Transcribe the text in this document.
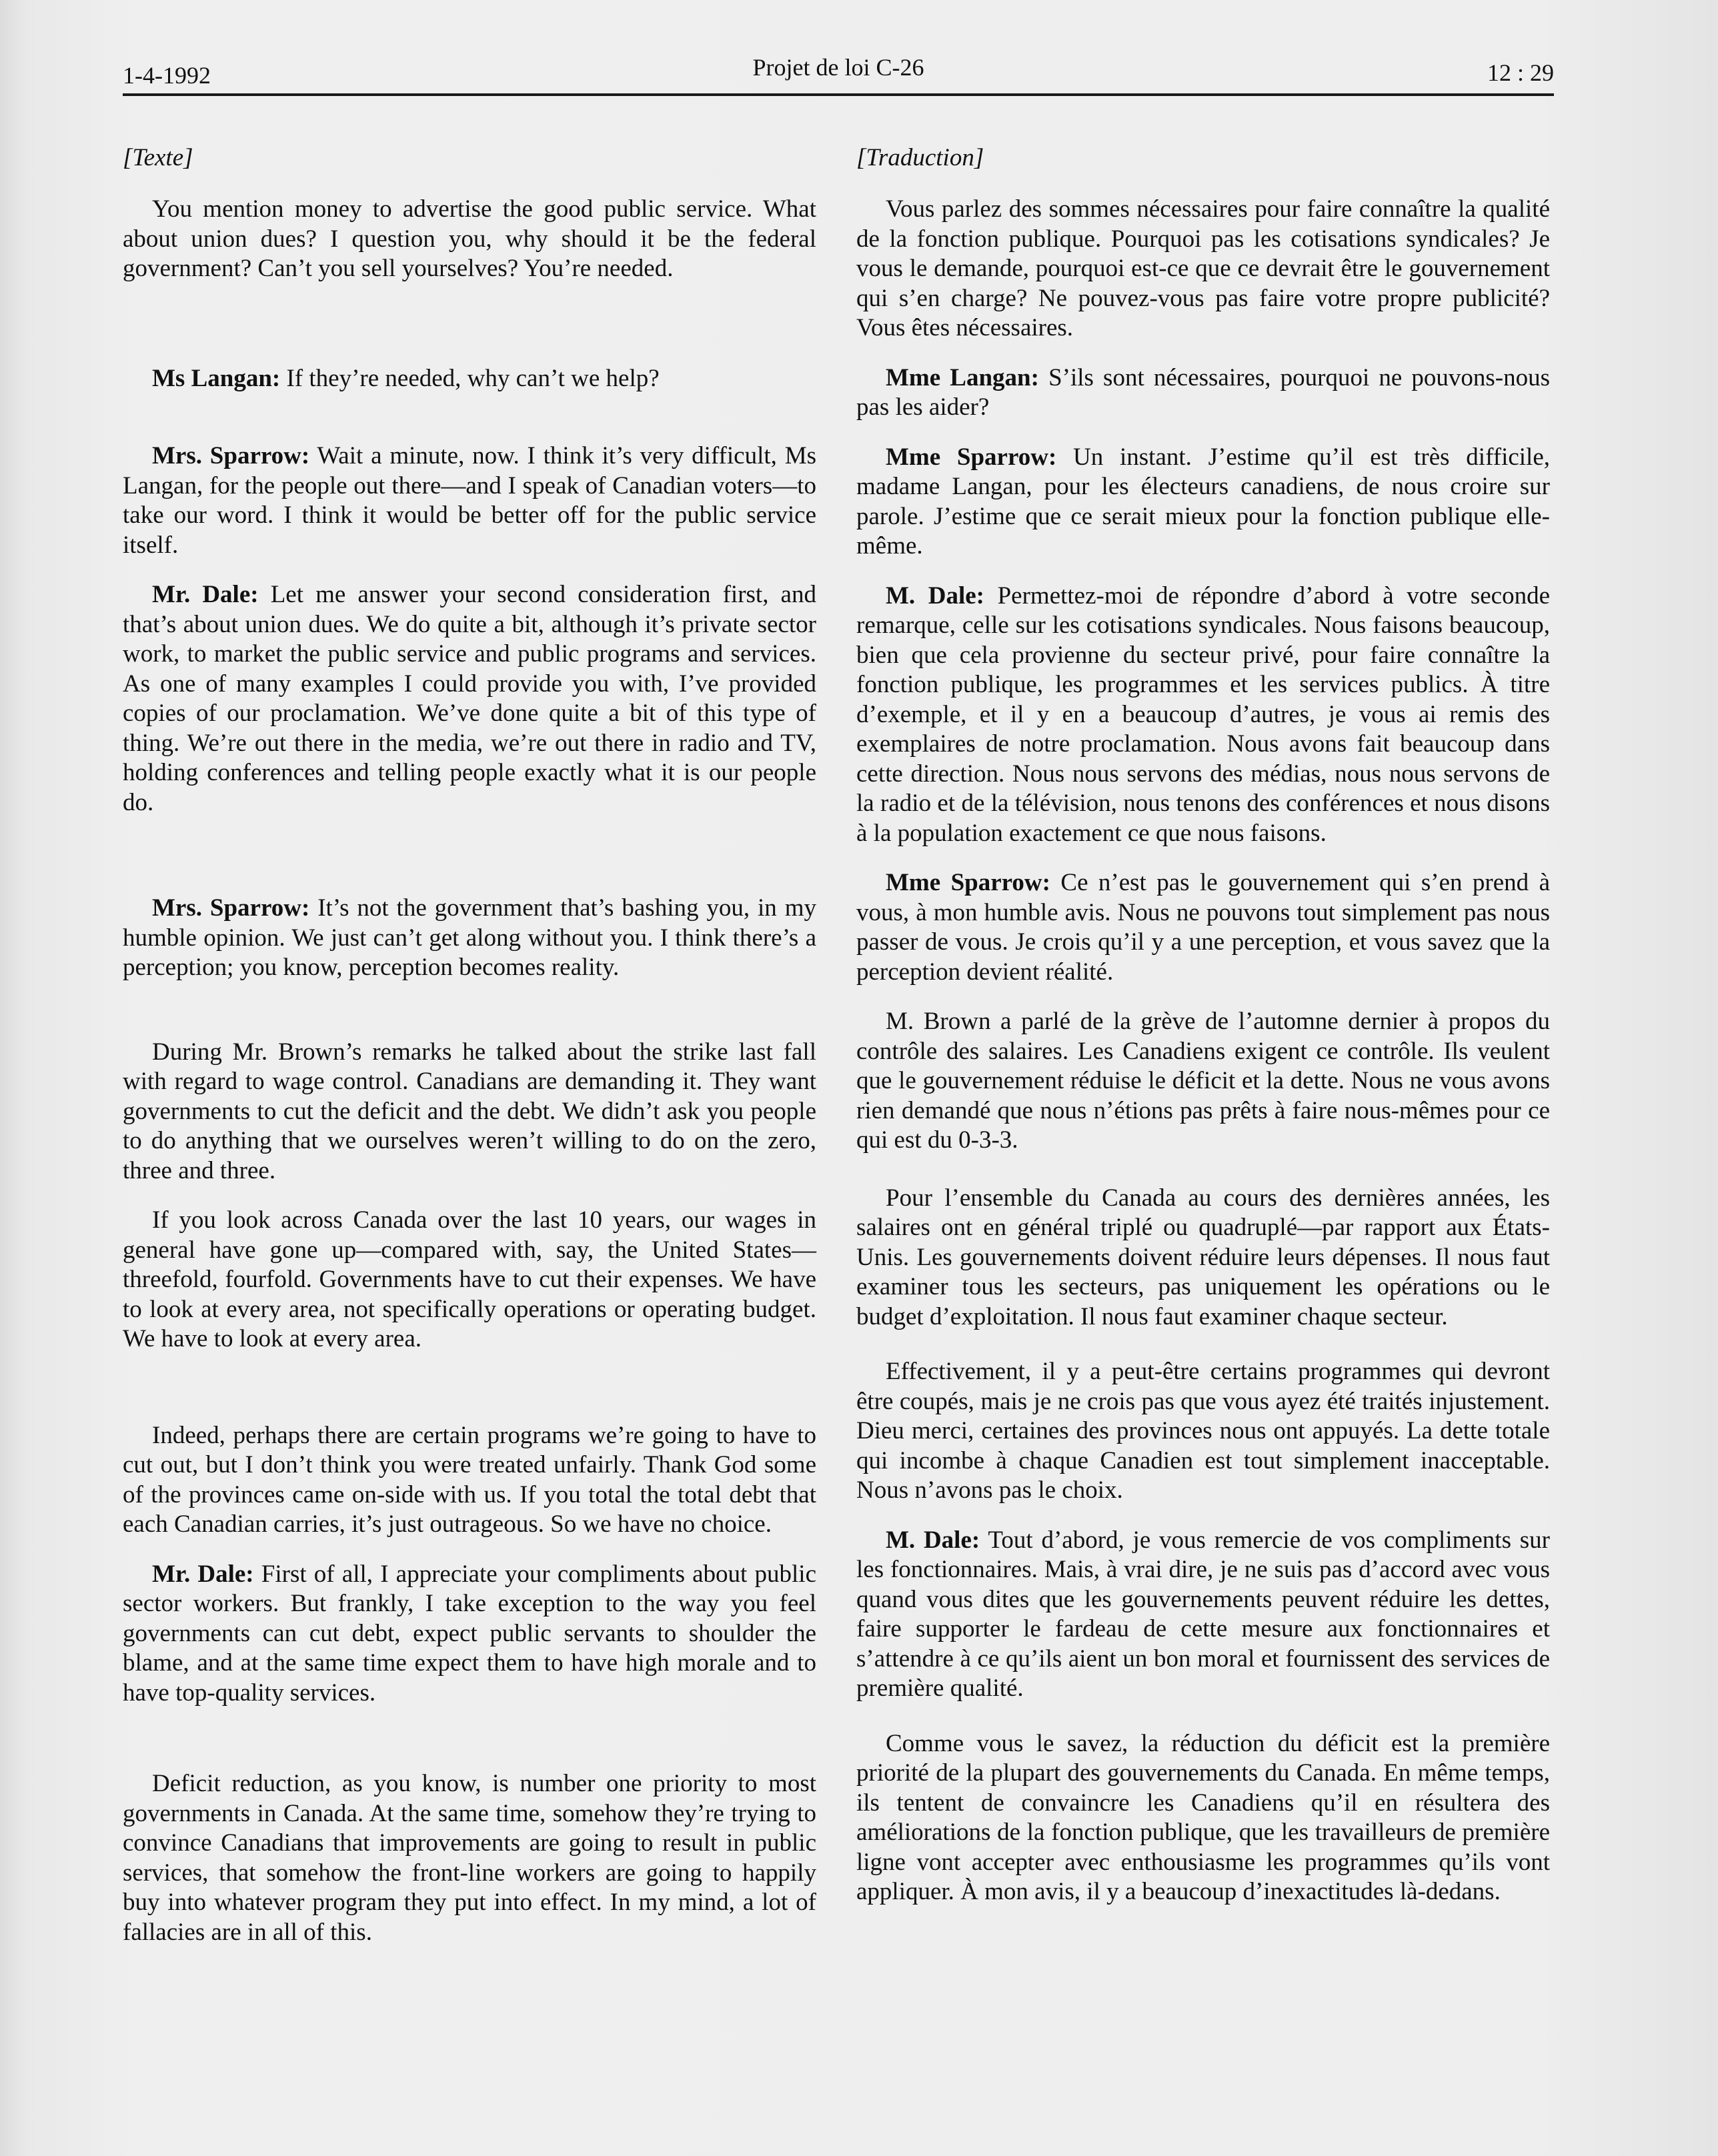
1-4-1992	Projet de loi C-26	12 : 29
[Texte]

You mention money to advertise the good public service. What about union dues? I question you, why should it be the federal government? Can’t you sell yourselves? You’re needed.

Ms Langan: If they’re needed, why can’t we help?

Mrs. Sparrow: Wait a minute, now. I think it’s very difficult, Ms Langan, for the people out there—and I speak of Canadian voters—to take our word. I think it would be better off for the public service itself.

Mr. Dale: Let me answer your second consideration first, and that’s about union dues. We do quite a bit, although it’s private sector work, to market the public service and public programs and services. As one of many examples I could provide you with, I’ve provided copies of our proclamation. We’ve done quite a bit of this type of thing. We’re out there in the media, we’re out there in radio and TV, holding conferences and telling people exactly what it is our people do.

Mrs. Sparrow: It’s not the government that’s bashing you, in my humble opinion. We just can’t get along without you. I think there’s a perception; you know, perception becomes reality.

During Mr. Brown’s remarks he talked about the strike last fall with regard to wage control. Canadians are demanding it. They want governments to cut the deficit and the debt. We didn’t ask you people to do anything that we ourselves weren’t willing to do on the zero, three and three.

If you look across Canada over the last 10 years, our wages in general have gone up—compared with, say, the United States—threefold, fourfold. Governments have to cut their expenses. We have to look at every area, not specifically operations or operating budget. We have to look at every area.

Indeed, perhaps there are certain programs we’re going to have to cut out, but I don’t think you were treated unfairly. Thank God some of the provinces came on-side with us. If you total the total debt that each Canadian carries, it’s just outrageous. So we have no choice.

Mr. Dale: First of all, I appreciate your compliments about public sector workers. But frankly, I take exception to the way you feel governments can cut debt, expect public servants to shoulder the blame, and at the same time expect them to have high morale and to have top-quality services.

Deficit reduction, as you know, is number one priority to most governments in Canada. At the same time, somehow they’re trying to convince Canadians that improvements are going to result in public services, that somehow the front-line workers are going to happily buy into whatever program they put into effect. In my mind, a lot of fallacies are in all of this.

[Traduction]

Vous parlez des sommes nécessaires pour faire connaître la qualité de la fonction publique. Pourquoi pas les cotisations syndicales? Je vous le demande, pourquoi est-ce que ce devrait être le gouvernement qui s’en charge? Ne pouvez-vous pas faire votre propre publicité? Vous êtes nécessaires.

Mme Langan: S’ils sont nécessaires, pourquoi ne pouvons-nous pas les aider?

Mme Sparrow: Un instant. J’estime qu’il est très difficile, madame Langan, pour les électeurs canadiens, de nous croire sur parole. J’estime que ce serait mieux pour la fonction publique elle-même.

M. Dale: Permettez-moi de répondre d’abord à votre seconde remarque, celle sur les cotisations syndicales. Nous faisons beaucoup, bien que cela provienne du secteur privé, pour faire connaître la fonction publique, les programmes et les services publics. À titre d’exemple, et il y en a beaucoup d’autres, je vous ai remis des exemplaires de notre proclamation. Nous avons fait beaucoup dans cette direction. Nous nous servons des médias, nous nous servons de la radio et de la télévision, nous tenons des conférences et nous disons à la population exactement ce que nous faisons.

Mme Sparrow: Ce n’est pas le gouvernement qui s’en prend à vous, à mon humble avis. Nous ne pouvons tout simplement pas nous passer de vous. Je crois qu’il y a une perception, et vous savez que la perception devient réalité.

M. Brown a parlé de la grève de l’automne dernier à propos du contrôle des salaires. Les Canadiens exigent ce contrôle. Ils veulent que le gouvernement réduise le déficit et la dette. Nous ne vous avons rien demandé que nous n’étions pas prêts à faire nous-mêmes pour ce qui est du 0-3-3.

Pour l’ensemble du Canada au cours des dernières années, les salaires ont en général triplé ou quadruplé—par rapport aux États-Unis. Les gouvernements doivent réduire leurs dépenses. Il nous faut examiner tous les secteurs, pas uniquement les opérations ou le budget d’exploitation. Il nous faut examiner chaque secteur.

Effectivement, il y a peut-être certains programmes qui devront être coupés, mais je ne crois pas que vous ayez été traités injustement. Dieu merci, certaines des provinces nous ont appuyés. La dette totale qui incombe à chaque Canadien est tout simplement inacceptable. Nous n’avons pas le choix.

M. Dale: Tout d’abord, je vous remercie de vos compliments sur les fonctionnaires. Mais, à vrai dire, je ne suis pas d’accord avec vous quand vous dites que les gouvernements peuvent réduire les dettes, faire supporter le fardeau de cette mesure aux fonctionnaires et s’attendre à ce qu’ils aient un bon moral et fournissent des services de première qualité.

Comme vous le savez, la réduction du déficit est la première priorité de la plupart des gouvernements du Canada. En même temps, ils tentent de convaincre les Canadiens qu’il en résultera des améliorations de la fonction publique, que les travailleurs de première ligne vont accepter avec enthousiasme les programmes qu’ils vont appliquer. À mon avis, il y a beaucoup d’inexactitudes là-dedans.
